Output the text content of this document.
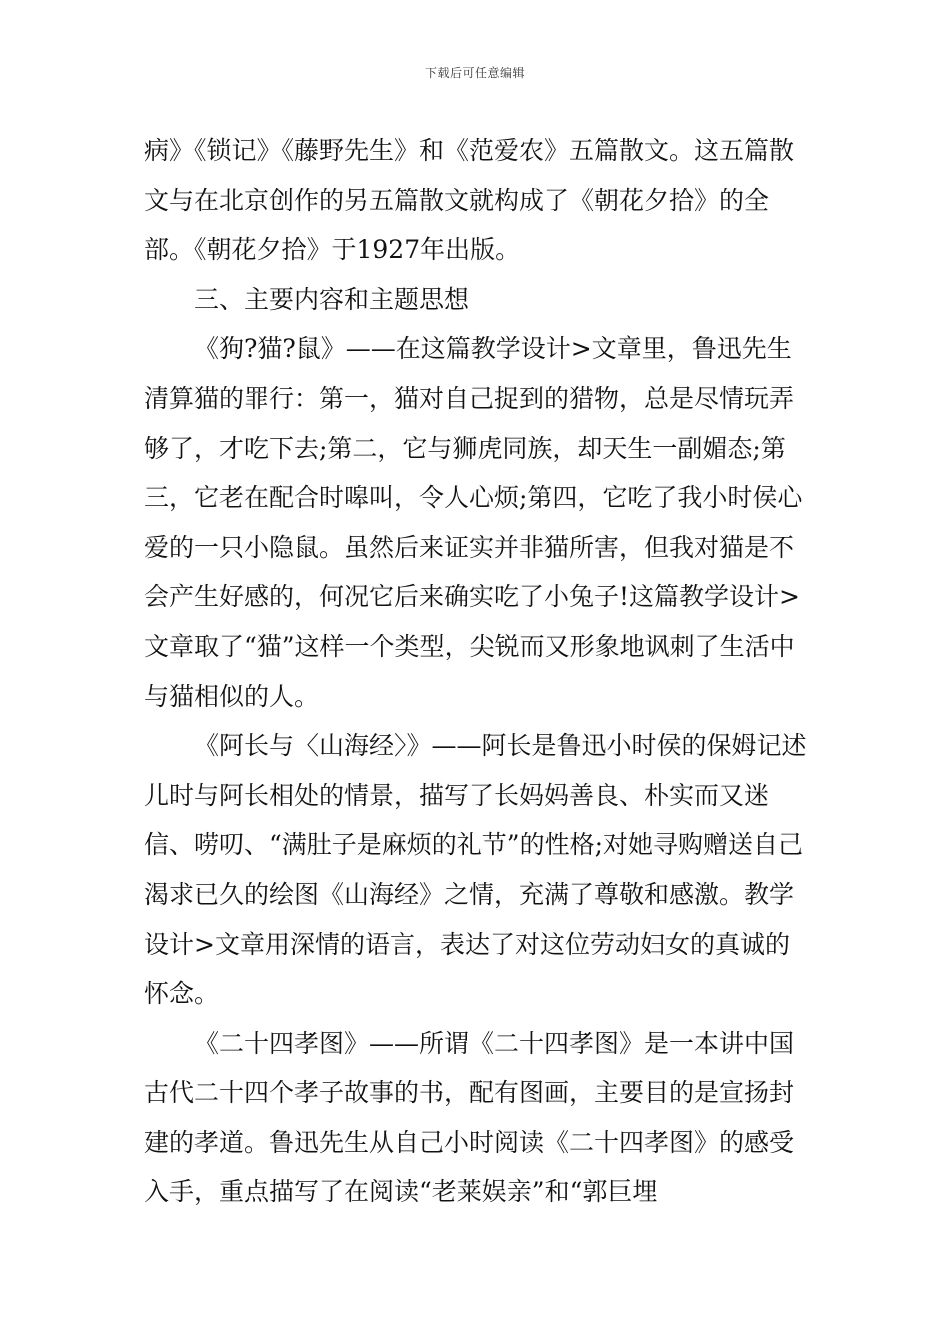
下载后可任意编辑

病》《锁记》《藤野先生》和《范爱农》五篇散文。这五篇散文与在北京创作的另五篇散文就构成了《朝花夕拾》的全部。《朝花夕拾》于1927年出版。

三、主要内容和主题思想

《狗?猫?鼠》——在这篇教学设计>文章里，鲁迅先生清算猫的罪行：第一，猫对自己捉到的猎物，总是尽情玩弄够了，才吃下去;第二，它与狮虎同族，却天生一副媚态;第三，它老在配合时嗥叫，令人心烦;第四，它吃了我小时侯心爱的一只小隐鼠。虽然后来证实并非猫所害，但我对猫是不会产生好感的，何况它后来确实吃了小兔子!这篇教学设计>文章取了“猫”这样一个类型，尖锐而又形象地讽刺了生活中与猫相似的人。

《阿长与〈山海经〉》——阿长是鲁迅小时侯的保姆记述儿时与阿长相处的情景，描写了长妈妈善良、朴实而又迷信、唠叨、“满肚子是麻烦的礼节”的性格;对她寻购赠送自己渴求已久的绘图《山海经》之情，充满了尊敬和感激。教学设计>文章用深情的语言，表达了对这位劳动妇女的真诚的怀念。

《二十四孝图》——所谓《二十四孝图》是一本讲中国古代二十四个孝子故事的书，配有图画，主要目的是宣扬封建的孝道。鲁迅先生从自己小时阅读《二十四孝图》的感受入手，重点描写了在阅读“老莱娱亲”和“郭巨埋
